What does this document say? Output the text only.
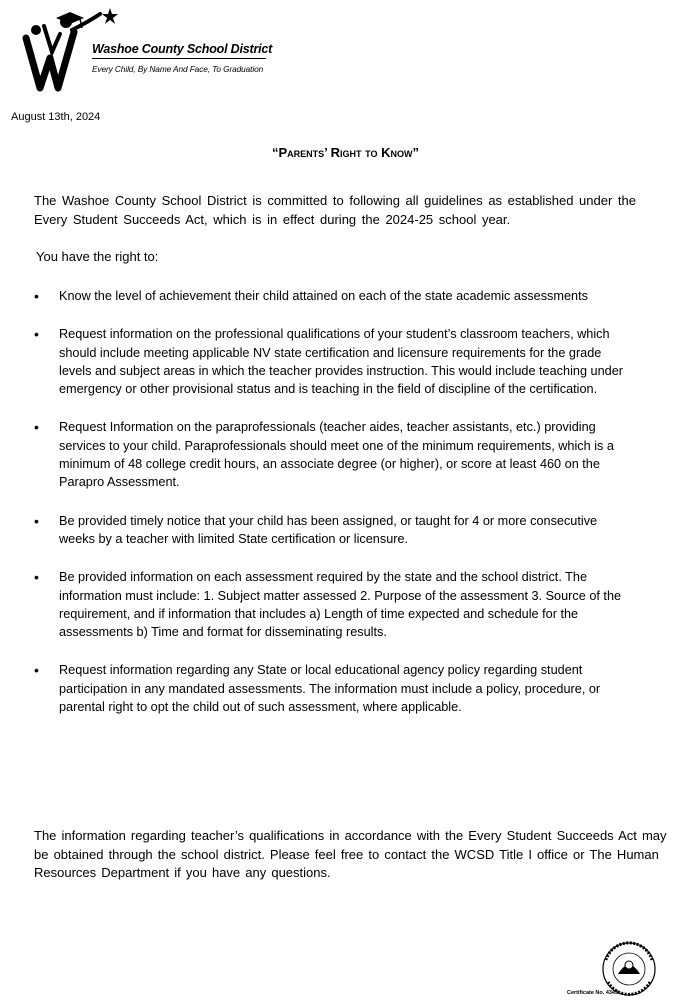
Washoe County School District
Every Child, By Name And Face, To Graduation
August 13th, 2024
“Parents’ Right to Know”
The Washoe County School District is committed to following all guidelines as established under the Every Student Succeeds Act, which is in effect during the 2024-25 school year.
You have the right to:
• Know the level of achievement their child attained on each of the state academic assessments
• Request information on the professional qualifications of your student’s classroom teachers, which should include meeting applicable NV state certification and licensure requirements for the grade levels and subject areas in which the teacher provides instruction. This would include teaching under emergency or other provisional status and is teaching in the field of discipline of the certification.
• Request Information on the paraprofessionals (teacher aides, teacher assistants, etc.) providing services to your child. Paraprofessionals should meet one of the minimum requirements, which is a minimum of 48 college credit hours, an associate degree (or higher), or score at least 460 on the Parapro Assessment.
• Be provided timely notice that your child has been assigned, or taught for 4 or more consecutive weeks by a teacher with limited State certification or licensure.
• Be provided information on each assessment required by the state and the school district. The information must include: 1. Subject matter assessed 2. Purpose of the assessment 3. Source of the requirement, and if information that includes a) Length of time expected and schedule for the assessments b) Time and format for disseminating results.
• Request information regarding any State or local educational agency policy regarding student participation in any mandated assessments. The information must include a policy, procedure, or parental right to opt the child out of such assessment, where applicable.
The information regarding teacher’s qualifications in accordance with the Every Student Succeeds Act may be obtained through the school district. Please feel free to contact the WCSD Title I office or The Human Resources Department if you have any questions.
Certificate No. 4343
